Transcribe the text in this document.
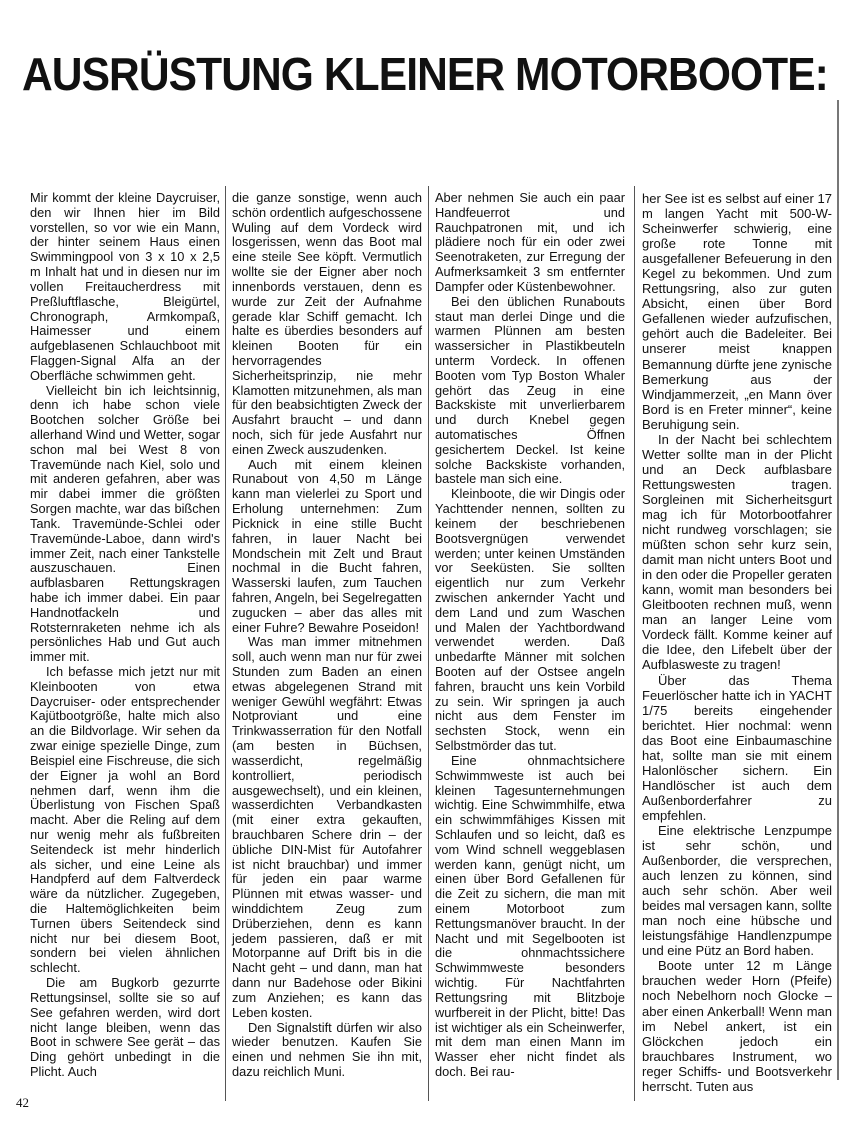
AUSRÜSTUNG KLEINER MOTORBOOTE:

Mir kommt der kleine Daycruiser, den wir Ihnen hier im Bild vorstellen, so vor wie ein Mann, der hinter seinem Haus einen Swimmingpool von 3 x 10 x 2,5 m Inhalt hat und in diesen nur im vollen Freitaucherdress mit Preßluftflasche, Bleigürtel, Chronograph, Armkompaß, Haimesser und einem aufgeblasenen Schlauchboot mit Flaggen-Signal Alfa an der Oberfläche schwimmen geht.

Vielleicht bin ich leichtsinnig, denn ich habe schon viele Bootchen solcher Größe bei allerhand Wind und Wetter, sogar schon mal bei West 8 von Travemünde nach Kiel, solo und mit anderen gefahren, aber was mir dabei immer die größten Sorgen machte, war das bißchen Tank. Travemünde-Schlei oder Travemünde-Laboe, dann wird's immer Zeit, nach einer Tankstelle auszuschauen. Einen aufblasbaren Rettungskragen habe ich immer dabei. Ein paar Handnotfackeln und Rotsternraketen nehme ich als persönliches Hab und Gut auch immer mit.

Ich befasse mich jetzt nur mit Kleinbooten von etwa Daycruiser- oder entsprechender Kajütbootgröße, halte mich also an die Bildvorlage. Wir sehen da zwar einige spezielle Dinge, zum Beispiel eine Fischreuse, die sich der Eigner ja wohl an Bord nehmen darf, wenn ihm die Überlistung von Fischen Spaß macht. Aber die Reling auf dem nur wenig mehr als fußbreiten Seitendeck ist mehr hinderlich als sicher, und eine Leine als Handpferd auf dem Faltverdeck wäre da nützlicher. Zugegeben, die Haltemöglichkeiten beim Turnen übers Seitendeck sind nicht nur bei diesem Boot, sondern bei vielen ähnlichen schlecht.

Die am Bugkorb gezurrte Rettungsinsel, sollte sie so auf See gefahren werden, wird dort nicht lange bleiben, wenn das Boot in schwere See gerät – das Ding gehört unbedingt in die Plicht. Auch

die ganze sonstige, wenn auch schön ordentlich aufgeschossene Wuling auf dem Vordeck wird losgerissen, wenn das Boot mal eine steile See köpft. Vermutlich wollte sie der Eigner aber noch innenbords verstauen, denn es wurde zur Zeit der Aufnahme gerade klar Schiff gemacht. Ich halte es überdies besonders auf kleinen Booten für ein hervorragendes Sicherheitsprinzip, nie mehr Klamotten mitzunehmen, als man für den beabsichtigten Zweck der Ausfahrt braucht – und dann noch, sich für jede Ausfahrt nur einen Zweck auszudenken.

Auch mit einem kleinen Runabout von 4,50 m Länge kann man vielerlei zu Sport und Erholung unternehmen: Zum Picknick in eine stille Bucht fahren, in lauer Nacht bei Mondschein mit Zelt und Braut nochmal in die Bucht fahren, Wasserski laufen, zum Tauchen fahren, Angeln, bei Segelregatten zugucken – aber das alles mit einer Fuhre? Bewahre Poseidon!

Was man immer mitnehmen soll, auch wenn man nur für zwei Stunden zum Baden an einen etwas abgelegenen Strand mit weniger Gewühl wegfährt: Etwas Notproviant und eine Trinkwasserration für den Notfall (am besten in Büchsen, wasserdicht, regelmäßig kontrolliert, periodisch ausgewechselt), und ein kleinen, wasserdichten Verbandkasten (mit einer extra gekauften, brauchbaren Schere drin – der übliche DIN-Mist für Autofahrer ist nicht brauchbar) und immer für jeden ein paar warme Plünnen mit etwas wasser- und winddichtem Zeug zum Drüberziehen, denn es kann jedem passieren, daß er mit Motorpanne auf Drift bis in die Nacht geht – und dann, man hat dann nur Badehose oder Bikini zum Anziehen; es kann das Leben kosten.

Den Signalstift dürfen wir also wieder benutzen. Kaufen Sie einen und nehmen Sie ihn mit, dazu reichlich Muni.

Aber nehmen Sie auch ein paar Handfeuerrot und Rauchpatronen mit, und ich plädiere noch für ein oder zwei Seenotraketen, zur Erregung der Aufmerksamkeit 3 sm entfernter Dampfer oder Küstenbewohner.

Bei den üblichen Runabouts staut man derlei Dinge und die warmen Plünnen am besten wassersicher in Plastikbeuteln unterm Vordeck. In offenen Booten vom Typ Boston Whaler gehört das Zeug in eine Backskiste mit unverlierbarem und durch Knebel gegen automatisches Öffnen gesichertem Deckel. Ist keine solche Backskiste vorhanden, bastele man sich eine.

Kleinboote, die wir Dingis oder Yachttender nennen, sollten zu keinem der beschriebenen Bootsvergnügen verwendet werden; unter keinen Umständen vor Seeküsten. Sie sollten eigentlich nur zum Verkehr zwischen ankernder Yacht und dem Land und zum Waschen und Malen der Yachtbordwand verwendet werden. Daß unbedarfte Männer mit solchen Booten auf der Ostsee angeln fahren, braucht uns kein Vorbild zu sein. Wir springen ja auch nicht aus dem Fenster im sechsten Stock, wenn ein Selbstmörder das tut.

Eine ohnmachtsichere Schwimmweste ist auch bei kleinen Tagesunternehmungen wichtig. Eine Schwimmhilfe, etwa ein schwimmfähiges Kissen mit Schlaufen und so leicht, daß es vom Wind schnell weggeblasen werden kann, genügt nicht, um einen über Bord Gefallenen für die Zeit zu sichern, die man mit einem Motorboot zum Rettungsmanöver braucht. In der Nacht und mit Segelbooten ist die ohnmachtssichere Schwimmweste besonders wichtig. Für Nachtfahrten Rettungsring mit Blitzboje wurfbereit in der Plicht, bitte! Das ist wichtiger als ein Scheinwerfer, mit dem man einen Mann im Wasser eher nicht findet als doch. Bei rau-

her See ist es selbst auf einer 17 m langen Yacht mit 500-W-Scheinwerfer schwierig, eine große rote Tonne mit ausgefallener Befeuerung in den Kegel zu bekommen. Und zum Rettungsring, also zur guten Absicht, einen über Bord Gefallenen wieder aufzufischen, gehört auch die Badeleiter. Bei unserer meist knappen Bemannung dürfte jene zynische Bemerkung aus der Windjammerzeit, „en Mann över Bord is en Freter minner“, keine Beruhigung sein.

In der Nacht bei schlechtem Wetter sollte man in der Plicht und an Deck aufblasbare Rettungswesten tragen. Sorgleinen mit Sicherheitsgurt mag ich für Motorbootfahrer nicht rundweg vorschlagen; sie müßten schon sehr kurz sein, damit man nicht unters Boot und in den oder die Propeller geraten kann, womit man besonders bei Gleitbooten rechnen muß, wenn man an langer Leine vom Vordeck fällt. Komme keiner auf die Idee, den Lifebelt über der Aufblasweste zu tragen!

Über das Thema Feuerlöscher hatte ich in YACHT 1/75 bereits eingehender berichtet. Hier nochmal: wenn das Boot eine Einbaumaschine hat, sollte man sie mit einem Halonlöscher sichern. Ein Handlöscher ist auch dem Außenborderfahrer zu empfehlen.

Eine elektrische Lenzpumpe ist sehr schön, und Außenborder, die versprechen, auch lenzen zu können, sind auch sehr schön. Aber weil beides mal versagen kann, sollte man noch eine hübsche und leistungsfähige Handlenzpumpe und eine Pütz an Bord haben.

Boote unter 12 m Länge brauchen weder Horn (Pfeife) noch Nebelhorn noch Glocke – aber einen Ankerball! Wenn man im Nebel ankert, ist ein Glöckchen jedoch ein brauchbares Instrument, wo reger Schiffs- und Bootsverkehr herrscht. Tuten aus

42
